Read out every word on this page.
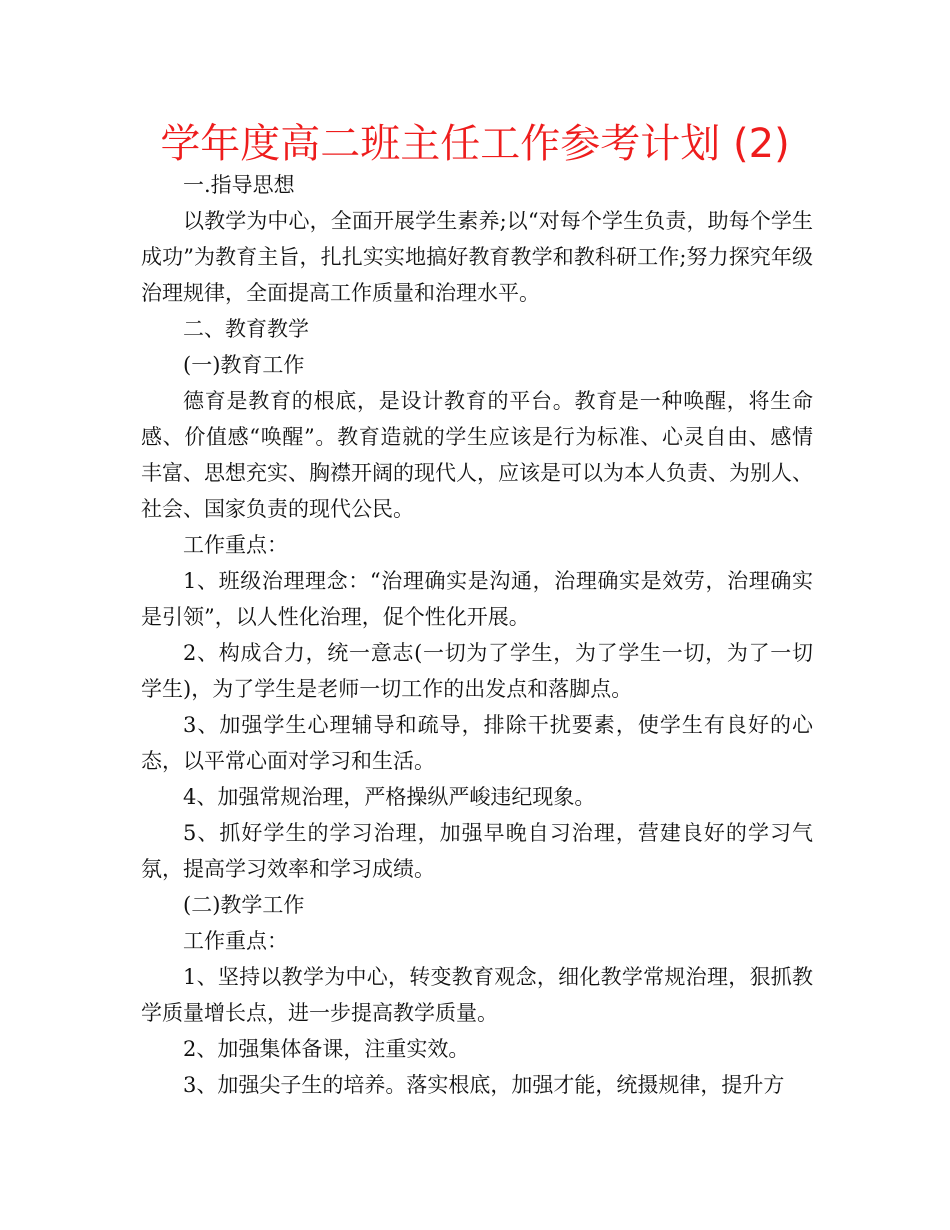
学年度高二班主任工作参考计划 (2)

一.指导思想

以教学为中心，全面开展学生素养;以“对每个学生负责，助每个学生成功”为教育主旨，扎扎实实地搞好教育教学和教科研工作;努力探究年级治理规律，全面提高工作质量和治理水平。

二、教育教学

(一)教育工作

德育是教育的根底，是设计教育的平台。教育是一种唤醒，将生命感、价值感“唤醒”。教育造就的学生应该是行为标准、心灵自由、感情丰富、思想充实、胸襟开阔的现代人，应该是可以为本人负责、为别人、社会、国家负责的现代公民。

工作重点：

1、班级治理理念：“治理确实是沟通，治理确实是效劳，治理确实是引领”，以人性化治理，促个性化开展。

2、构成合力，统一意志(一切为了学生，为了学生一切，为了一切学生)，为了学生是老师一切工作的出发点和落脚点。

3、加强学生心理辅导和疏导，排除干扰要素，使学生有良好的心态，以平常心面对学习和生活。

4、加强常规治理，严格操纵严峻违纪现象。

5、抓好学生的学习治理，加强早晚自习治理，营建良好的学习气氛，提高学习效率和学习成绩。

(二)教学工作

工作重点：

1、坚持以教学为中心，转变教育观念，细化教学常规治理，狠抓教学质量增长点，进一步提高教学质量。

2、加强集体备课，注重实效。

3、加强尖子生的培养。落实根底，加强才能，统摄规律，提升方
